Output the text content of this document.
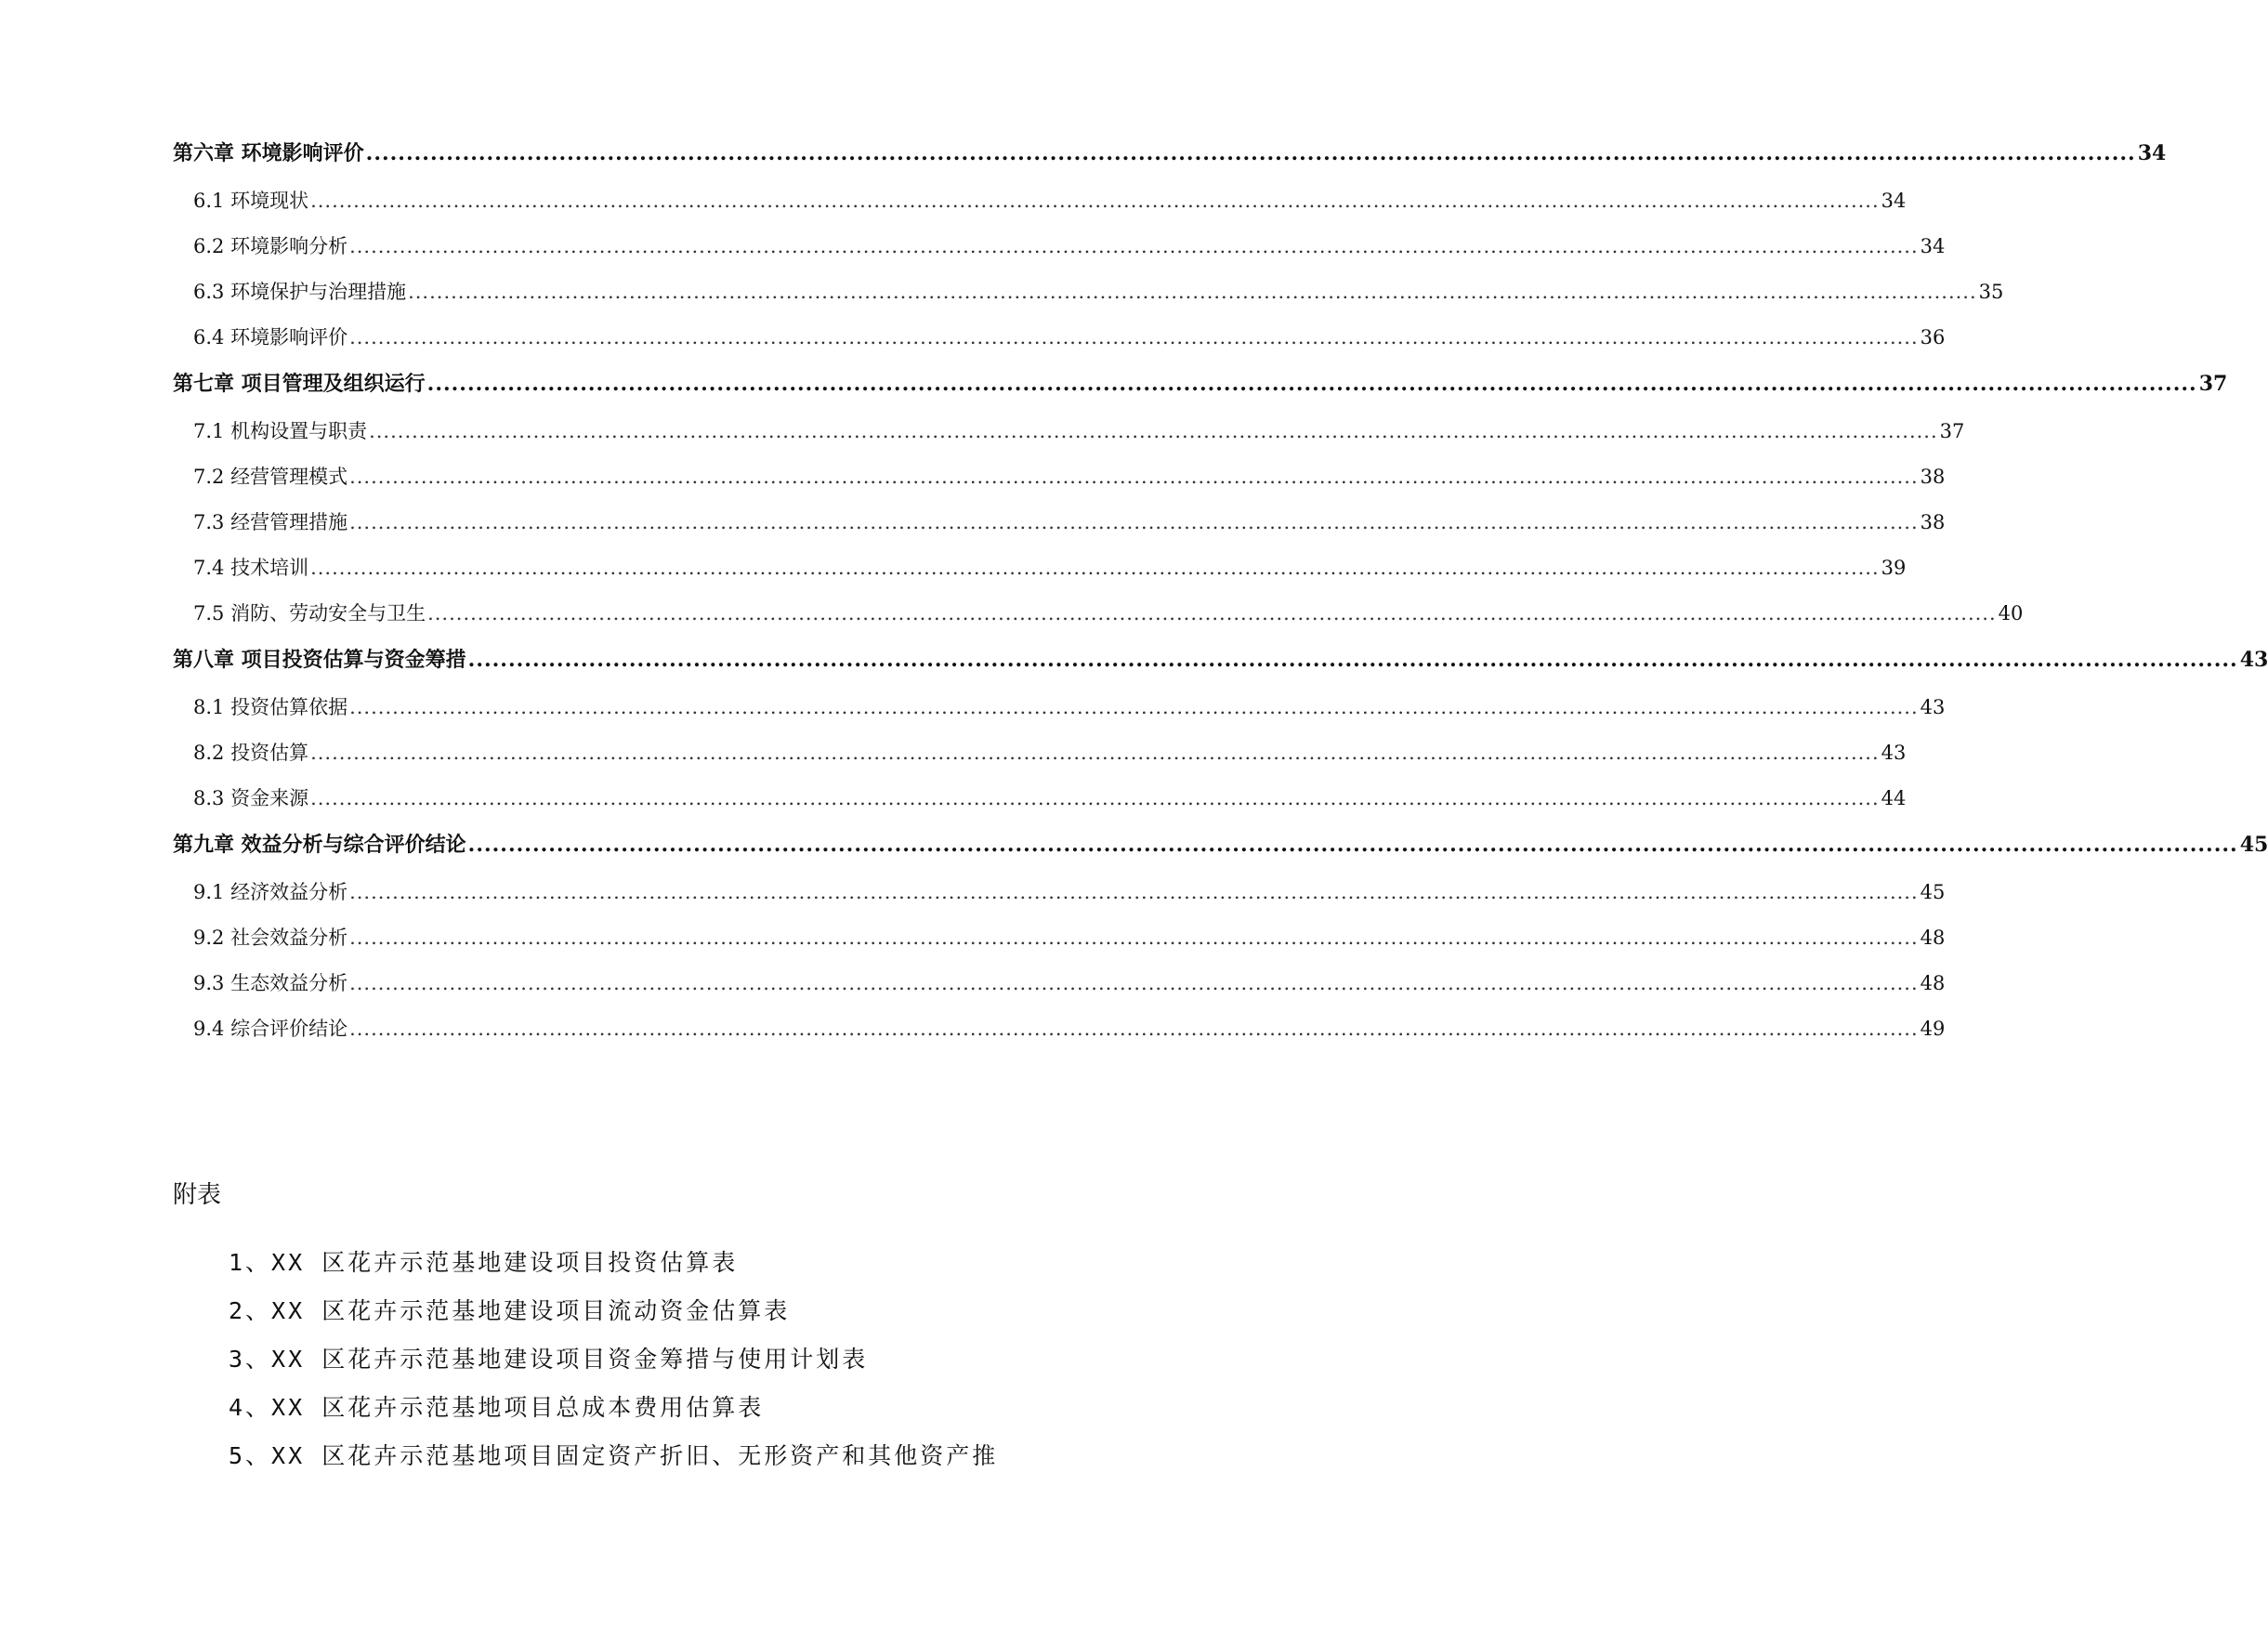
第六章 环境影响评价 ............................................................................................................................................................................................................................ 34
6.1 环境现状 ............................................................................................................................................................................................................................ 34
6.2 环境影响分析 ............................................................................................................................................................................................................................ 34
6.3 环境保护与治理措施 ............................................................................................................................................................................................................................ 35
6.4 环境影响评价 ............................................................................................................................................................................................................................ 36
第七章 项目管理及组织运行 ............................................................................................................................................................................................................................ 37
7.1 机构设置与职责 ............................................................................................................................................................................................................................ 37
7.2 经营管理模式 ............................................................................................................................................................................................................................ 38
7.3 经营管理措施 ............................................................................................................................................................................................................................ 38
7.4 技术培训 ............................................................................................................................................................................................................................ 39
7.5 消防、劳动安全与卫生 ............................................................................................................................................................................................................................ 40
第八章 项目投资估算与资金筹措 ............................................................................................................................................................................................................................ 43
8.1 投资估算依据 ............................................................................................................................................................................................................................ 43
8.2 投资估算 ............................................................................................................................................................................................................................ 43
8.3 资金来源 ............................................................................................................................................................................................................................ 44
第九章 效益分析与综合评价结论 ............................................................................................................................................................................................................................ 45
9.1 经济效益分析 ............................................................................................................................................................................................................................ 45
9.2 社会效益分析 ............................................................................................................................................................................................................................ 48
9.3 生态效益分析 ............................................................................................................................................................................................................................ 48
9.4 综合评价结论 ............................................................................................................................................................................................................................ 49
附表
1、XX 区花卉示范基地建设项目投资估算表
2、XX 区花卉示范基地建设项目流动资金估算表
3、XX 区花卉示范基地建设项目资金筹措与使用计划表
4、XX 区花卉示范基地项目总成本费用估算表
5、XX 区花卉示范基地项目固定资产折旧、无形资产和其他资产推
